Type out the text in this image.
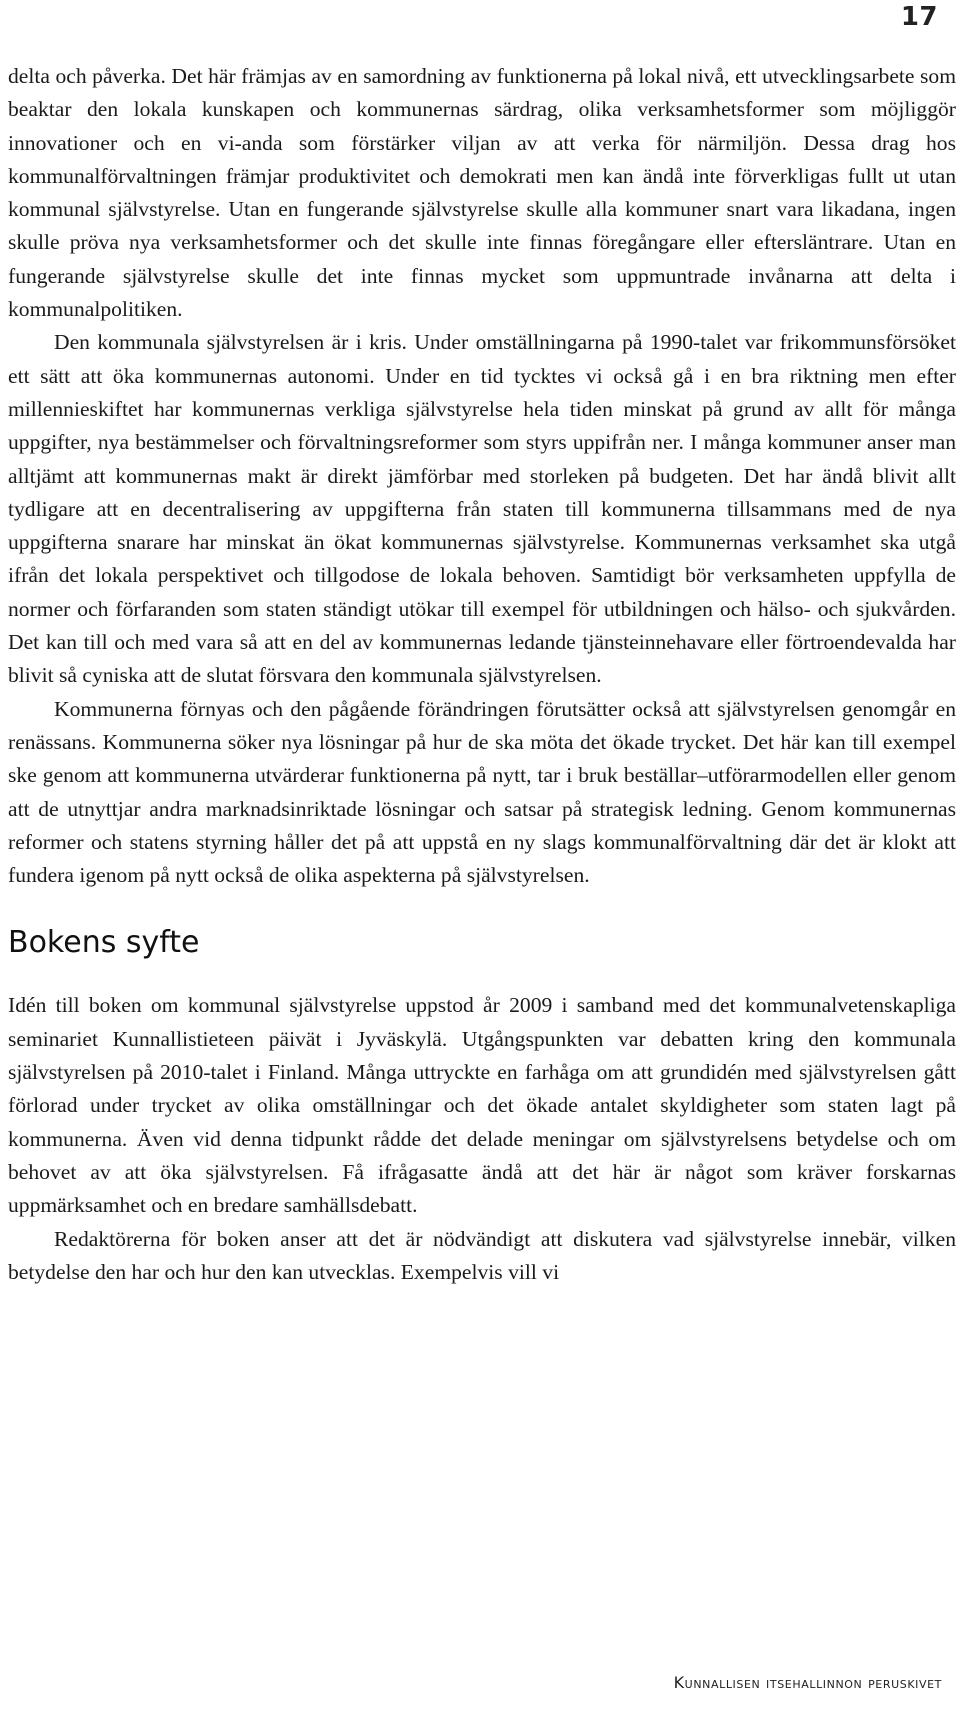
17

delta och påverka. Det här främjas av en samordning av funktionerna på lokal nivå, ett utvecklingsarbete som beaktar den lokala kunskapen och kommunernas särdrag, olika verksamhetsformer som möjliggör innovationer och en vi-anda som förstärker viljan av att verka för närmiljön. Dessa drag hos kommunalförvaltningen främjar produktivitet och demokrati men kan ändå inte förverkligas fullt ut utan kommunal självstyrelse. Utan en fungerande självstyrelse skulle alla kommuner snart vara likadana, ingen skulle pröva nya verksamhetsformer och det skulle inte finnas föregångare eller eftersläntrare. Utan en fungerande självstyrelse skulle det inte finnas mycket som uppmuntrade invånarna att delta i kommunalpolitiken.

Den kommunala självstyrelsen är i kris. Under omställningarna på 1990-talet var frikommunsförsöket ett sätt att öka kommunernas autonomi. Under en tid tycktes vi också gå i en bra riktning men efter millennieskiftet har kommunernas verkliga självstyrelse hela tiden minskat på grund av allt för många uppgifter, nya bestämmelser och förvaltningsreformer som styrs uppifrån ner. I många kommuner anser man alltjämt att kommunernas makt är direkt jämförbar med storleken på budgeten. Det har ändå blivit allt tydligare att en decentralisering av uppgifterna från staten till kommunerna tillsammans med de nya uppgifterna snarare har minskat än ökat kommunernas självstyrelse. Kommunernas verksamhet ska utgå ifrån det lokala perspektivet och tillgodose de lokala behoven. Samtidigt bör verksamheten uppfylla de normer och förfaranden som staten ständigt utökar till exempel för utbildningen och hälso- och sjukvården. Det kan till och med vara så att en del av kommunernas ledande tjänsteinnehavare eller förtroendevalda har blivit så cyniska att de slutat försvara den kommunala självstyrelsen.

Kommunerna förnyas och den pågående förändringen förutsätter också att självstyrelsen genomgår en renässans. Kommunerna söker nya lösningar på hur de ska möta det ökade trycket. Det här kan till exempel ske genom att kommunerna utvärderar funktionerna på nytt, tar i bruk beställar–utförarmodellen eller genom att de utnyttjar andra marknadsinriktade lösningar och satsar på strategisk ledning. Genom kommunernas reformer och statens styrning håller det på att uppstå en ny slags kommunalförvaltning där det är klokt att fundera igenom på nytt också de olika aspekterna på självstyrelsen.

Bokens syfte

Idén till boken om kommunal självstyrelse uppstod år 2009 i samband med det kommunalvetenskapliga seminariet Kunnallistieteen päivät i Jyväskylä. Utgångspunkten var debatten kring den kommunala självstyrelsen på 2010-talet i Finland. Många uttryckte en farhåga om att grundidén med självstyrelsen gått förlorad under trycket av olika omställningar och det ökade antalet skyldigheter som staten lagt på kommunerna. Även vid denna tidpunkt rådde det delade meningar om självstyrelsens betydelse och om behovet av att öka självstyrelsen. Få ifrågasatte ändå att det här är något som kräver forskarnas uppmärksamhet och en bredare samhällsdebatt.

Redaktörerna för boken anser att det är nödvändigt att diskutera vad självstyrelse innebär, vilken betydelse den har och hur den kan utvecklas. Exempelvis vill vi

Kunnallisen itsehallinnon peruskivet
